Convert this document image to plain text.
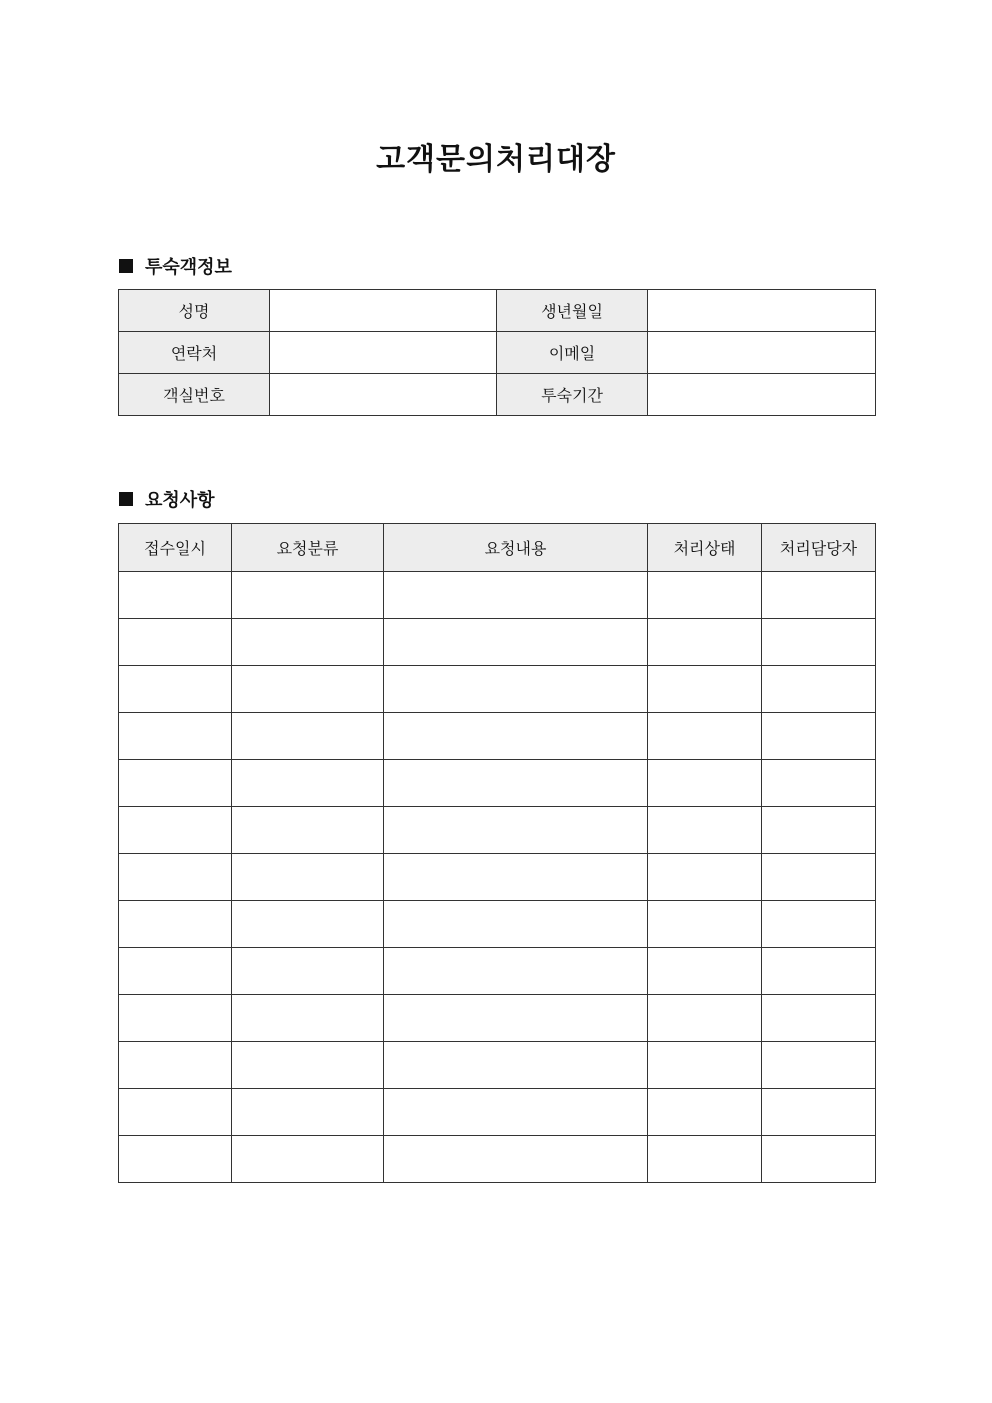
고객문의처리대장
투숙객정보
성명		생년월일	
연락처		이메일	
객실번호		투숙기간	
요청사항
접수일시	요청분류	요청내용	처리상태	처리담당자
